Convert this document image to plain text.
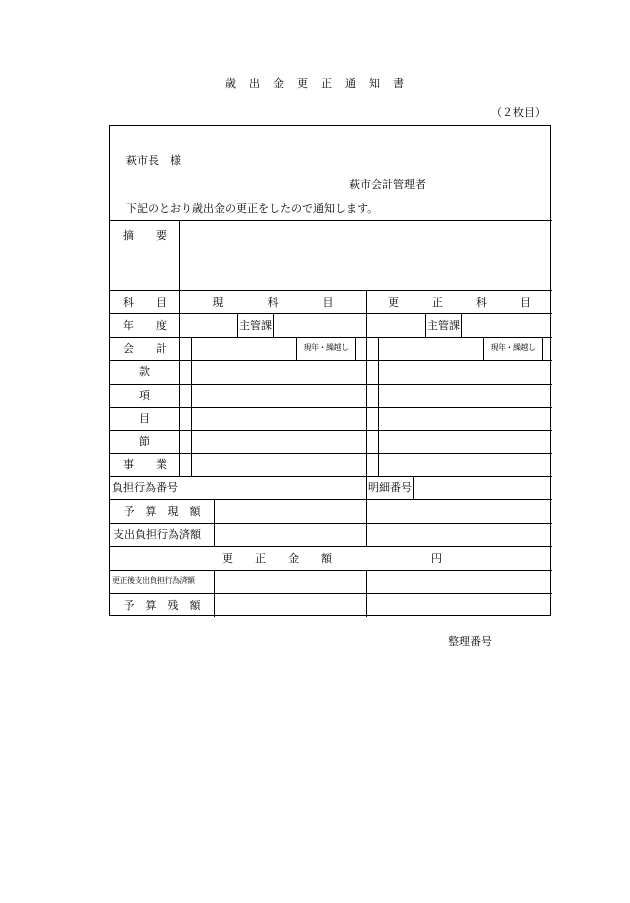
歳　出　金　更　正　通　知　書
（２枚目）
萩市長　様
萩市会計管理者
下記のとおり歳出金の更正をしたので通知します。
摘　　要
科　　目	現　　　　科　　　　目	更　　　正　　　科　　　目
年　　度	主管課	主管課
会　　計	現年・繰越し	現年・繰越し
款
項
目
節
事　　業
負担行為番号	明細番号
予　算　現　額
支出負担行為済額
更　　正　　金　　額	円
更正後支出負担行為済額
予　算　残　額
整理番号
